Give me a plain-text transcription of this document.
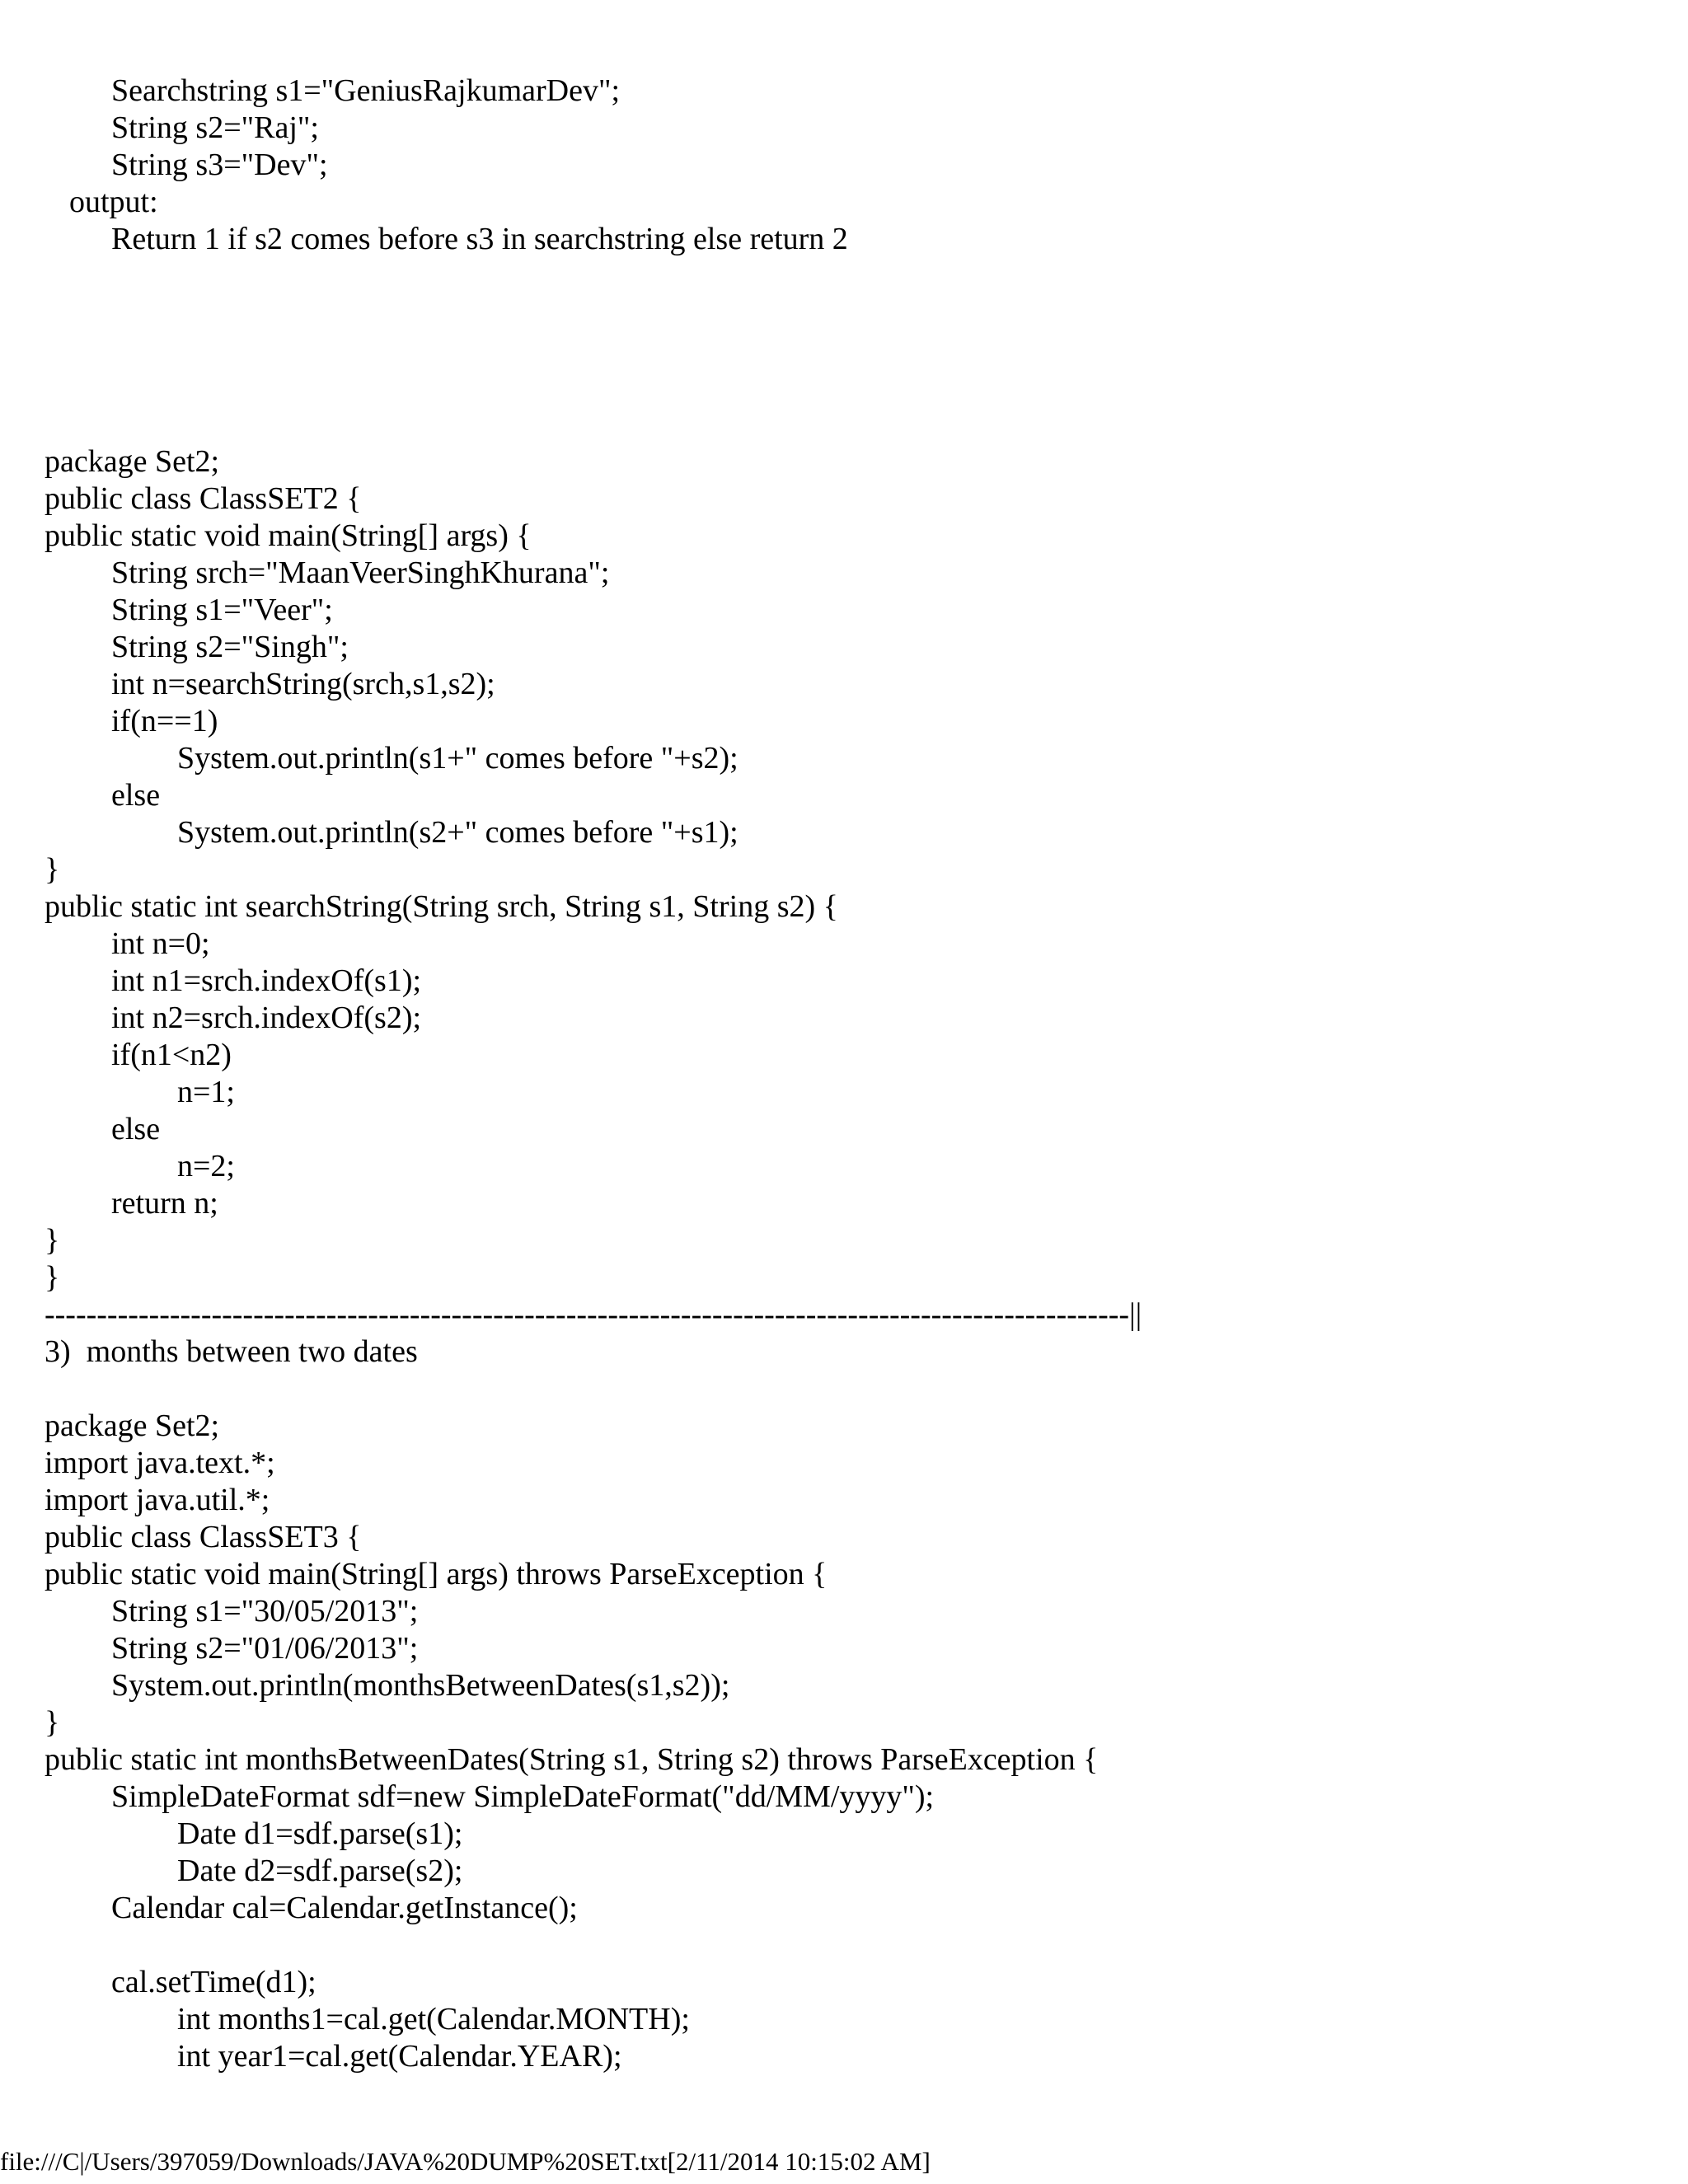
Searchstring s1="GeniusRajkumarDev";
String s2="Raj";
String s3="Dev";
output:
Return 1 if s2 comes before s3 in searchstring else return 2
package Set2;
public class ClassSET2 {
public static void main(String[] args) {
String srch="MaanVeerSinghKhurana";
String s1="Veer";
String s2="Singh";
int n=searchString(srch,s1,s2);
if(n==1)
System.out.println(s1+" comes before "+s2);
else
System.out.println(s2+" comes before "+s1);
}
public static int searchString(String srch, String s1, String s2) {
int n=0;
int n1=srch.indexOf(s1);
int n2=srch.indexOf(s2);
if(n1<n2)
n=1;
else
n=2;
return n;
}
}
--------------------------------------------------------------------------------------------------------||
3)  months between two dates
package Set2;
import java.text.*;
import java.util.*;
public class ClassSET3 {
public static void main(String[] args) throws ParseException {
String s1="30/05/2013";
String s2="01/06/2013";
System.out.println(monthsBetweenDates(s1,s2));
}
public static int monthsBetweenDates(String s1, String s2) throws ParseException {
SimpleDateFormat sdf=new SimpleDateFormat("dd/MM/yyyy");
Date d1=sdf.parse(s1);
Date d2=sdf.parse(s2);
Calendar cal=Calendar.getInstance();
cal.setTime(d1);
int months1=cal.get(Calendar.MONTH);
int year1=cal.get(Calendar.YEAR);
file:///C|/Users/397059/Downloads/JAVA%20DUMP%20SET.txt[2/11/2014 10:15:02 AM]
